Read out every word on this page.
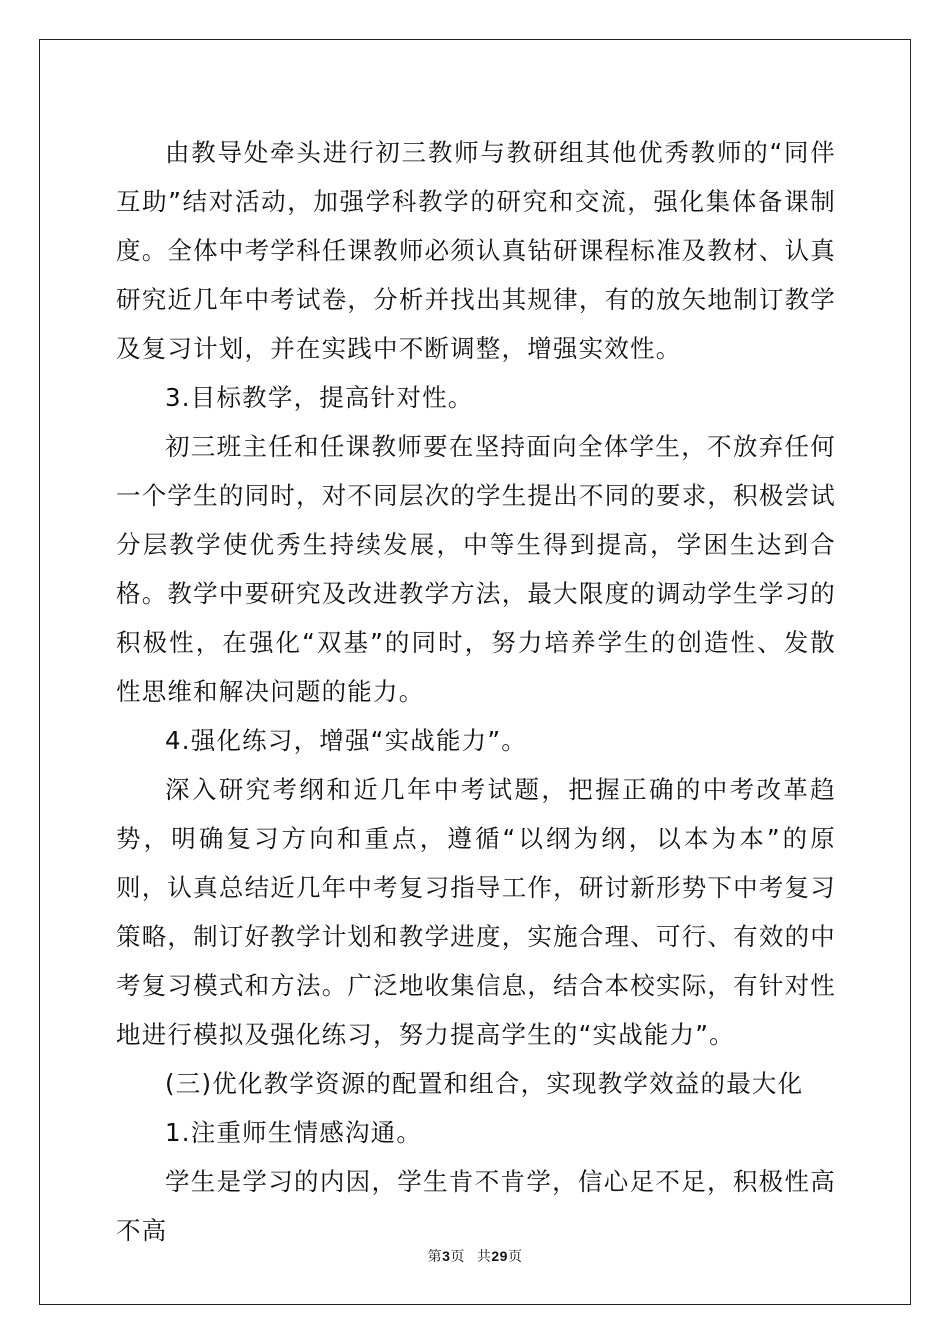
由教导处牵头进行初三教师与教研组其他优秀教师的“同伴互助”结对活动，加强学科教学的研究和交流，强化集体备课制度。全体中考学科任课教师必须认真钻研课程标准及教材、认真研究近几年中考试卷，分析并找出其规律，有的放矢地制订教学及复习计划，并在实践中不断调整，增强实效性。

3.目标教学，提高针对性。

初三班主任和任课教师要在坚持面向全体学生，不放弃任何一个学生的同时，对不同层次的学生提出不同的要求，积极尝试分层教学使优秀生持续发展，中等生得到提高，学困生达到合格。教学中要研究及改进教学方法，最大限度的调动学生学习的积极性，在强化“双基”的同时，努力培养学生的创造性、发散性思维和解决问题的能力。

4.强化练习，增强“实战能力”。

深入研究考纲和近几年中考试题，把握正确的中考改革趋势，明确复习方向和重点，遵循“以纲为纲，以本为本”的原则，认真总结近几年中考复习指导工作，研讨新形势下中考复习策略，制订好教学计划和教学进度，实施合理、可行、有效的中考复习模式和方法。广泛地收集信息，结合本校实际，有针对性地进行模拟及强化练习，努力提高学生的“实战能力”。

(三)优化教学资源的配置和组合，实现教学效益的最大化

1.注重师生情感沟通。

学生是学习的内因，学生肯不肯学，信心足不足，积极性高不高

第3页 共29页
